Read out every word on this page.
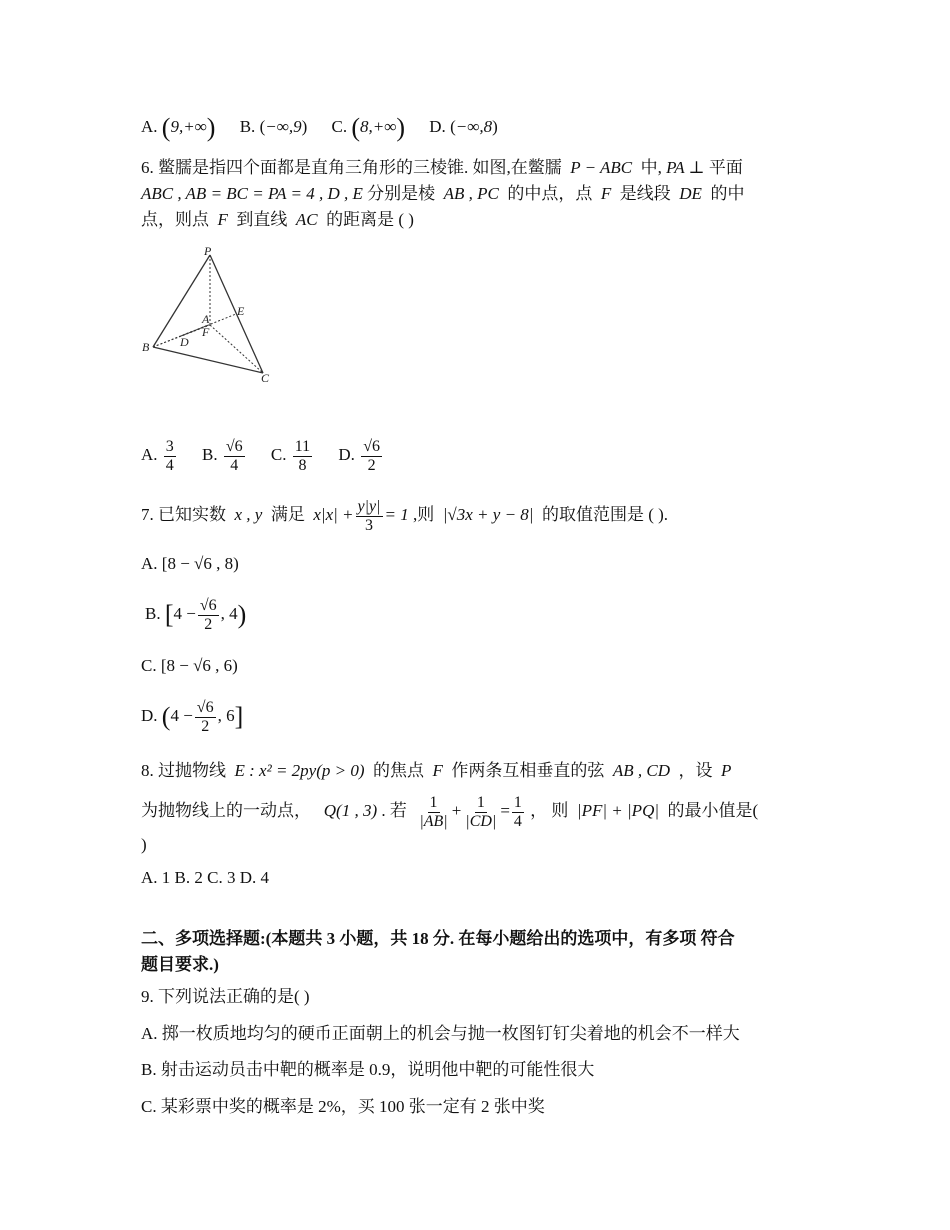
A. (9,+∞) B. (−∞,9) C. (8,+∞) D. (−∞,8)
6. 鳖臑是指四个面都是直角三角形的三棱锥. 如图,在鳖臑 P − ABC 中, PA ⊥ 平面
ABC , AB = BC = PA = 4 , D , E 分别是棱 AB , PC 的中点，点 F 是线段 DE 的中
点，则点 F 到直线 AC 的距离是 ( )
P
A
B
C
D
E
F
A. $\frac{3}{4} B$. $\frac{√6}{4} C$. $\frac{11}{8} D$. $\frac{√6}{2}$
7. 已知实数 x , y 满足 $x|x| + \frac{y|y|}{3} = 1$ ,则 |√3x + y − 8| 的取值范围是 ( ).
A. [8 − √6 , 8)
B. [$4 - \frac{√6}{2}$ , 4)
C. [8 − √6 , 6)
D. ($4 - \frac{√6}{2}$ , 6]
8. 过抛物线 E : x² = 2py(p > 0) 的焦点 F 作两条互相垂直的弦 AB , CD ，设 P
为抛物线上的一动点， Q(1 , 3) . 若 $\frac{1}{|AB|} + \frac{1}{|CD|} = \frac{1}{4}$ ， 则 |PF| + |PQ| 的最小值是(
)
A. 1 B. 2 C. 3 D. 4
二、多项选择题:(本题共 3 小题，共 18 分. 在每小题给出的选项中，有多项 符合
题目要求.)
9. 下列说法正确的是( )
A. 掷一枚质地均匀的硬币正面朝上的机会与抛一枚图钉钉尖着地的机会不一样大
B. 射击运动员击中靶的概率是 0.9，说明他中靶的可能性很大
C. 某彩票中奖的概率是 2%，买 100 张一定有 2 张中奖
